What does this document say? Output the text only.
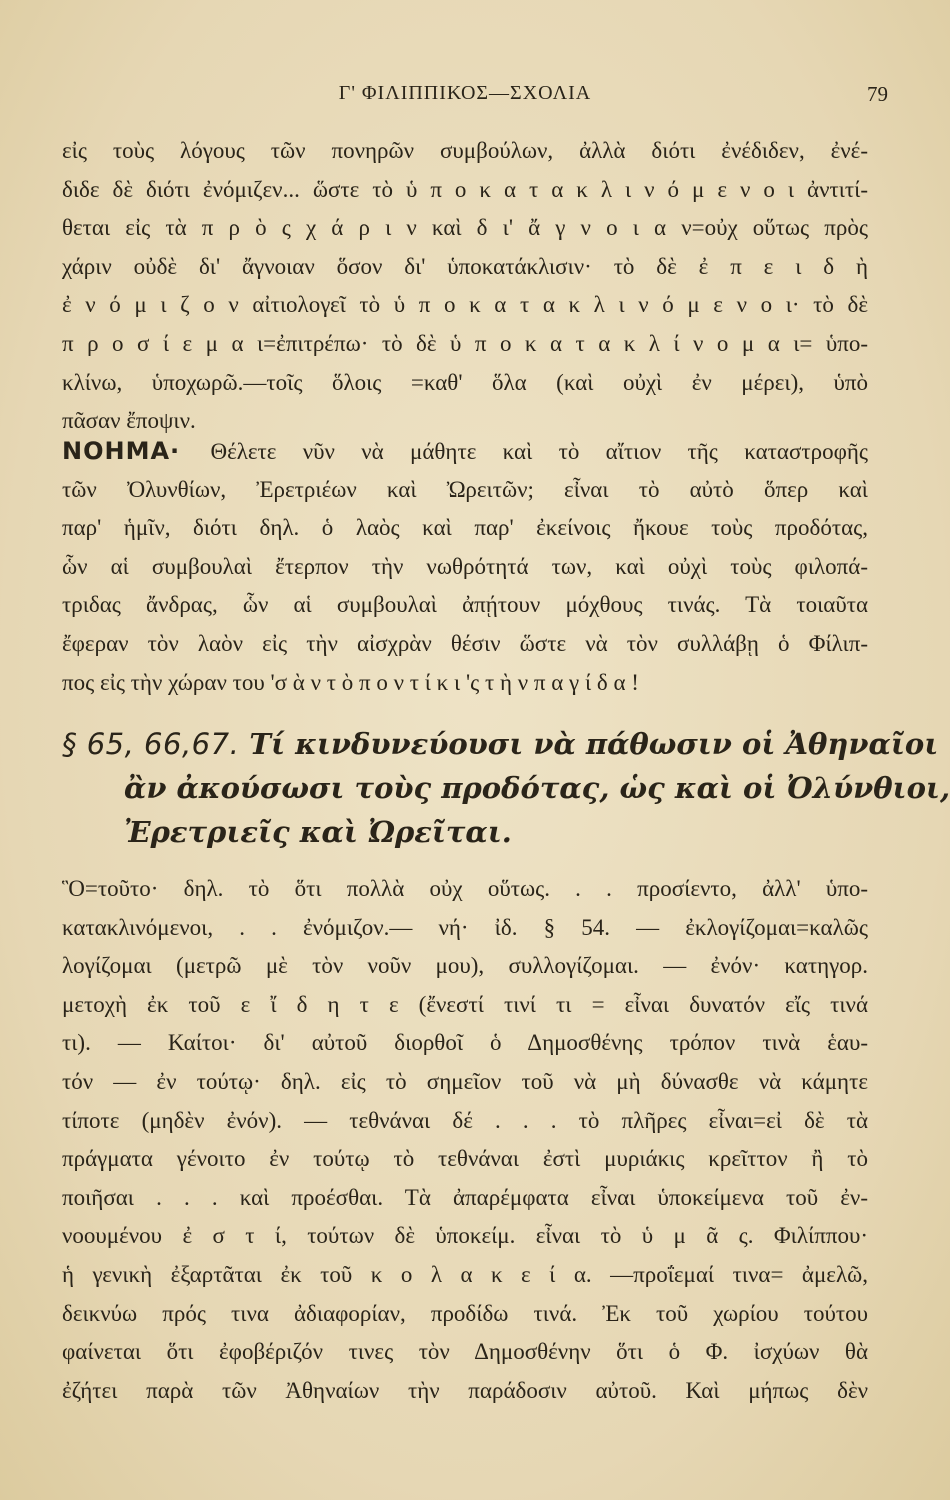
Γ' ΦΙΛΙΠΠΙΚΟΣ—ΣΧΟΛΙΑ	79
εἰς τοὺς λόγους τῶν πονηρῶν συμβούλων, ἀλλὰ διότι ἐνέδιδεν, ἐνέ-
διδε δὲ διότι ἐνόμιζεν... ὥστε τὸ ὑ π ο κ α τ α κ λ ι ν ό μ ε ν ο ι ἀντιτί-
θεται εἰς τὰ π ρ ὸ ς χ ά ρ ι ν καὶ δ ι' ἄ γ ν ο ι α ν=οὐχ οὕτως πρὸς
χάριν οὐδὲ δι' ἄγνοιαν ὅσον δι' ὑποκατάκλισιν· τὸ δὲ ἐ π ε ι δ ὴ
ἐ ν ό μ ι ζ ο ν αἰτιολογεῖ τὸ ὑ π ο κ α τ α κ λ ι ν ό μ ε ν ο ι· τὸ δὲ
π ρ ο σ ί ε μ α ι=ἐπιτρέπω· τὸ δὲ ὑ π ο κ α τ α κ λ ί ν ο μ α ι= ὑπο-
κλίνω, ὑποχωρῶ.—τοῖς ὅλοις =καθ' ὅλα (καὶ οὐχὶ ἐν μέρει), ὑπὸ
πᾶσαν ἔποψιν.
ΝΟΗΜΑ· Θέλετε νῦν νὰ μάθητε καὶ τὸ αἴτιον τῆς καταστροφῆς
τῶν Ὀλυνθίων, Ἐρετριέων καὶ Ὠρειτῶν; εἶναι τὸ αὐτὸ ὅπερ καὶ
παρ' ἡμῖν, διότι δηλ. ὁ λαὸς καὶ παρ' ἐκείνοις ἤκουε τοὺς προδότας,
ὧν αἱ συμβουλαὶ ἔτερπον τὴν νωθρότητά των, καὶ οὐχὶ τοὺς φιλοπά-
τριδας ἄνδρας, ὧν αἱ συμβουλαὶ ἀπῄτουν μόχθους τινάς. Τὰ τοιαῦτα
ἔφεραν τὸν λαὸν εἰς τὴν αἰσχρὰν θέσιν ὥστε νὰ τὸν συλλάβῃ ὁ Φίλιπ-
πος εἰς τὴν χώραν του 'σ ὰ ν τ ὸ π ο ν τ ί κ ι 'ς τ ὴ ν π α γ ί δ α !
§ 65, 66,67. Τί κινδυνεύουσι νὰ πάθωσιν οἱ Ἀθηναῖοι
ἂν ἀκούσωσι τοὺς προδότας, ὡς καὶ οἱ Ὀλύνθιοι,
Ἐρετριεῖς καὶ Ὠρεῖται.
Ὃ=τοῦτο· δηλ. τὸ ὅτι πολλὰ οὐχ οὕτως. . . προσίεντο, ἀλλ' ὑπο-
κατακλινόμενοι, . . ἐνόμιζον.— νή· ἰδ. § 54. — ἐκλογίζομαι=καλῶς
λογίζομαι (μετρῶ μὲ τὸν νοῦν μου), συλλογίζομαι. — ἐνόν· κατηγορ.
μετοχὴ ἐκ τοῦ ε ἴ δ η τ ε (ἔνεστί τινί τι = εἶναι δυνατόν εἴς τινά
τι). — Καίτοι· δι' αὐτοῦ διορθοῖ ὁ Δημοσθένης τρόπον τινὰ ἑαυ-
τόν — ἐν τούτῳ· δηλ. εἰς τὸ σημεῖον τοῦ νὰ μὴ δύνασθε νὰ κάμητε
τίποτε (μηδὲν ἐνόν). — τεθνάναι δέ . . . τὸ πλῆρες εἶναι=εἰ δὲ τὰ
πράγματα γένοιτο ἐν τούτῳ τὸ τεθνάναι ἐστὶ μυριάκις κρεῖττον ἢ τὸ
ποιῆσαι . . . καὶ προέσθαι. Τὰ ἀπαρέμφατα εἶναι ὑποκείμενα τοῦ ἐν-
νοουμένου ἐ σ τ ί, τούτων δὲ ὑποκείμ. εἶναι τὸ ὑ μ ᾶ ς. Φιλίππου·
ἡ γενικὴ ἐξαρτᾶται ἐκ τοῦ κ ο λ α κ ε ί α. —προΐεμαί τινα= ἀμελῶ,
δεικνύω πρός τινα ἀδιαφορίαν, προδίδω τινά. Ἐκ τοῦ χωρίου τούτου
φαίνεται ὅτι ἐφοβέριζόν τινες τὸν Δημοσθένην ὅτι ὁ Φ. ἰσχύων θὰ
ἐζήτει παρὰ τῶν Ἀθηναίων τὴν παράδοσιν αὐτοῦ. Καὶ μήπως δὲν
